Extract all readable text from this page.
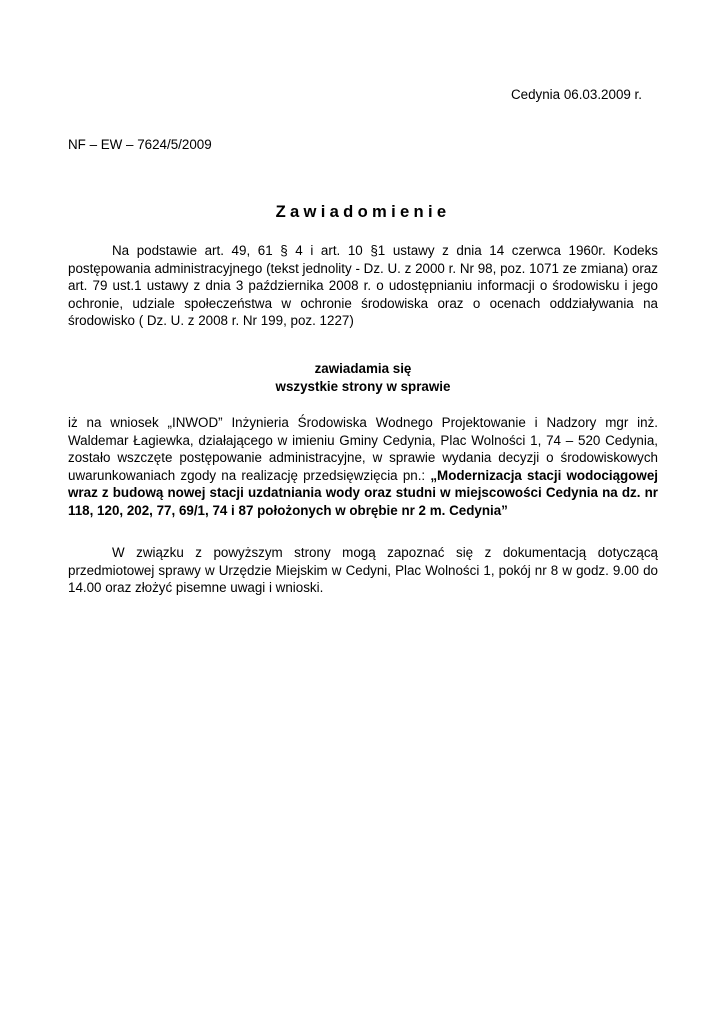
Cedynia 06.03.2009 r.
NF – EW – 7624/5/2009
Zawiadomienie
Na podstawie art. 49, 61 § 4 i art. 10 §1 ustawy z dnia 14 czerwca 1960r. Kodeks postępowania administracyjnego (tekst jednolity - Dz. U. z 2000 r. Nr 98, poz. 1071 ze zmiana) oraz art. 79 ust.1 ustawy z dnia 3 października 2008 r. o udostępnianiu informacji o środowisku i jego ochronie, udziale społeczeństwa w ochronie środowiska oraz o ocenach oddziaływania na środowisko ( Dz. U. z 2008 r. Nr 199, poz. 1227)
zawiadamia się
wszystkie strony w sprawie
iż na wniosek „INWOD” Inżynieria Środowiska Wodnego Projektowanie i Nadzory mgr inż. Waldemar Łagiewka, działającego w imieniu Gminy Cedynia, Plac Wolności 1, 74 – 520 Cedynia, zostało wszczęte postępowanie administracyjne, w sprawie wydania decyzji o środowiskowych uwarunkowaniach zgody na realizację przedsięwzięcia pn.: „Modernizacja stacji wodociągowej wraz z budową nowej stacji uzdatniania wody oraz studni w miejscowości Cedynia na dz. nr 118, 120, 202, 77, 69/1, 74 i 87 położonych w obrębie nr 2 m. Cedynia”
W związku z powyższym strony mogą zapoznać się z dokumentacją dotyczącą przedmiotowej sprawy w Urzędzie Miejskim w Cedyni, Plac Wolności 1, pokój nr 8 w godz. 9.00 do 14.00 oraz złożyć pisemne uwagi i wnioski.
